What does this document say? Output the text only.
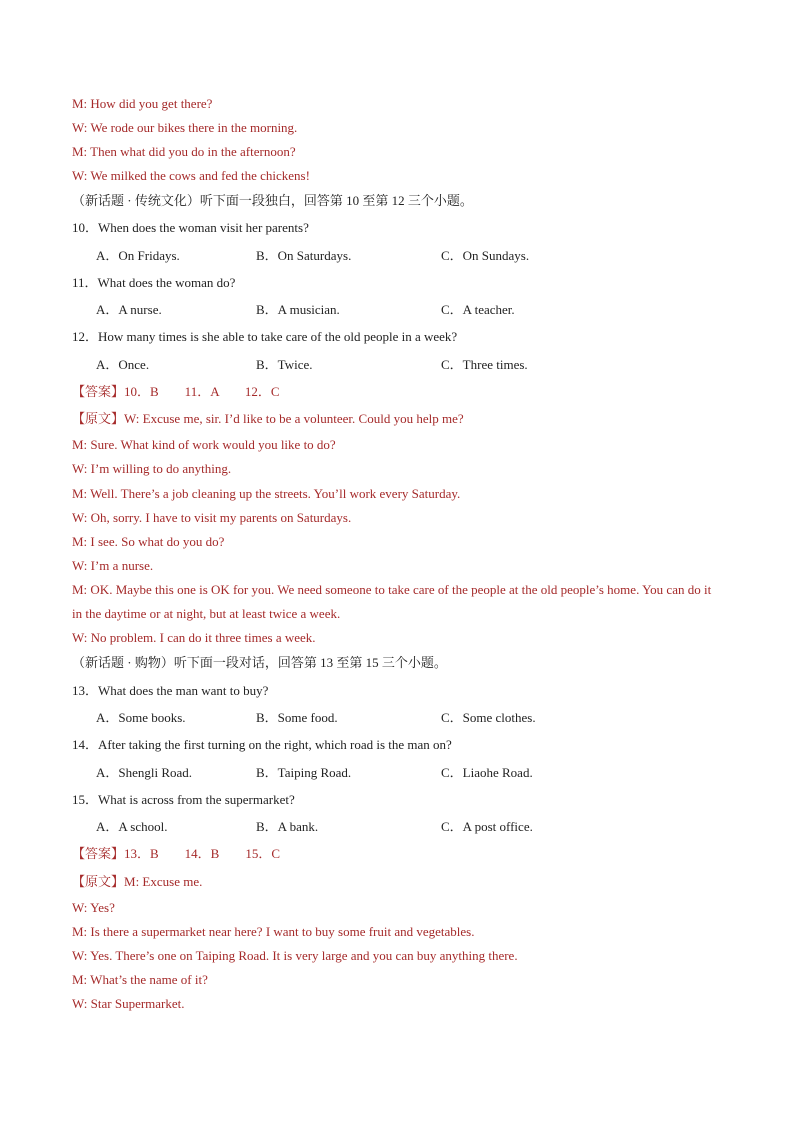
M: How did you get there?
W: We rode our bikes there in the morning.
M: Then what did you do in the afternoon?
W: We milked the cows and fed the chickens!
（新话题 · 传统文化）听下面一段独白，回答第 10 至第 12 三个小题。
10．When does the woman visit her parents?
A．On Fridays.	B．On Saturdays.	C．On Sundays.
11．What does the woman do?
A．A nurse.	B．A musician.	C．A teacher.
12．How many times is she able to take care of the old people in a week?
A．Once.	B．Twice.	C．Three times.
【答案】10．B　　11．A　　12．C
【原文】W: Excuse me, sir. I’d like to be a volunteer. Could you help me?
M: Sure. What kind of work would you like to do?
W: I’m willing to do anything.
M: Well. There’s a job cleaning up the streets. You’ll work every Saturday.
W: Oh, sorry. I have to visit my parents on Saturdays.
M: I see. So what do you do?
W: I’m a nurse.
M: OK. Maybe this one is OK for you. We need someone to take care of the people at the old people’s home. You can do it in the daytime or at night, but at least twice a week.
W: No problem. I can do it three times a week.
（新话题 · 购物）听下面一段对话，回答第 13 至第 15 三个小题。
13．What does the man want to buy?
A．Some books.	B．Some food.	C．Some clothes.
14．After taking the first turning on the right, which road is the man on?
A．Shengli Road.	B．Taiping Road.	C．Liaohe Road.
15．What is across from the supermarket?
A．A school.	B．A bank.	C．A post office.
【答案】13．B　　14．B　　15．C
【原文】M: Excuse me.
W: Yes?
M: Is there a supermarket near here? I want to buy some fruit and vegetables.
W: Yes. There’s one on Taiping Road. It is very large and you can buy anything there.
M: What’s the name of it?
W: Star Supermarket.
